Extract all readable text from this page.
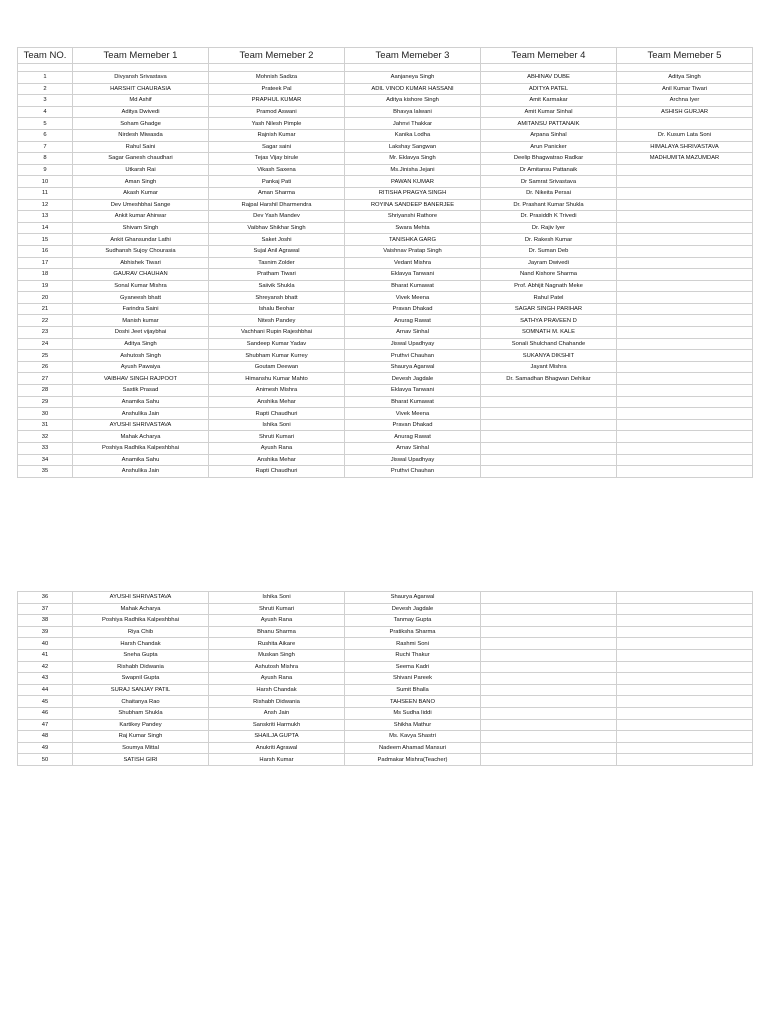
Team NO.	Team Memeber 1	Team Memeber 2	Team Memeber 3	Team Memeber 4	Team Memeber 5

1	Divyansh Srivastava	Mohnish Sadiza	Aanjaneya Singh	ABHINAV DUBE	Aditya Singh
2	HARSHIT CHAURASIA	Prateek Pal	ADIL VINOD KUMAR HASSANI	ADITYA PATEL	Anil Kumar Tiwari
3	Md Ashif	PRAPHUL KUMAR	Aditya kishore Singh	Amit Karmakar	Archna Iyer
4	Aditya Dwivedi	Pramod Aswani	Bhavya lalwani	Amit Kumar Sinhal	ASHISH GURJAR
5	Soham Ghadge	Yash Nilesh Pimple	Jahnvi Thakkar	AMITANSU PATTANAIK	
6	Nirdesh Miwasda	Rajnish Kumar	Kanika Lodha	Arpana Sinhal	Dr. Kusum Lata Soni
7	Rahul Saini	Sagar saini	Lakshay Sangwan	Arun Panicker	HIMALAYA SHRIVASTAVA
8	Sagar Ganesh chaudhari	Tejas Vijay birule	Mr. Eklavya Singh	Deelip Bhagwatrao Radkar	MADHUMITA MAZUMDAR
9	Utkarsh Rai	Vikash Saxena	Ms.Jinisha Jejani	Dr Amitansu Pattanaik	
10	Aman Singh	Pankaj Pati	PAWAN KUMAR	Dr Samrat Srivastava	
11	Akash Kumar	Aman Sharma	RITISHA PRAGYA SINGH	Dr. Nikeita Persai	
12	Dev Umeshbhai Sange	Rajpal Harshil Dharmendra	ROYINA SANDEEP BANERJEE	Dr. Prashant Kumar Shukla	
13	Ankit kumar Ahirwar	Dev Yash Mandev	Shriyanshi Rathore	Dr. Prasiddh K Trivedi	
14	Shivam Singh	Vaibhav Shikhar Singh	Swara Mehta	Dr. Rajiv Iyer	
15	Ankit Ghansundar Lathi	Saket Joshi	TANISHKA GARG	Dr. Rakesh Kumar	
16	Sudhansh Sujoy Chourasia	Sujal Anil Agrawal	Vaishnav Pratap Singh	Dr. Suman Deb	
17	Abhishek Tiwari	Tasnim Zolder	Vedant Mishra	Jayram Dwivedi	
18	GAURAV CHAUHAN	Pratham Tiwari	Eklavya Tanwani	Nand Kishore Sharma	
19	Sonal Kumar Mishra	Saiivik Shukla	Bharat Kumawat	Prof. Abhijit Nagnath Meke	
20	Gyaneesh bhatt	Shreyansh bhatt	Vivek Meena	Rahul Patel	
21	Farindra Saini	Ishalu Beohar	Pravan Dhakad	SAGAR SINGH PARIHAR	
22	Manish kumar	Nitesh Pandey	Anurag Rawat	SATHYA PRAVEEN D	
23	Doshi Jeet vijaybhai	Vachhani Rupin Rajeshbhai	Arnav Sinhal	SOMNATH M. KALE	
24	Aditya Singh	Sandeep Kumar Yadav	Jiswal Upadhyay	Sonali Shulchand Chahande	
25	Ashutosh Singh	Shubham Kumar Kurrey	Pruthvi Chauhan	SUKANYA DIKSHIT	
26	Ayush Pawaiya	Goutam Deewan	Shaurya Agarwal	Jayant Mishra	
27	VAIBHAV SINGH RAJPOOT	Himanshu Kumar Mahto	Devesh Jagdale	Dr. Samadhan Bhagwan Dehikar	
28	Sastik Prasad	Animesh Mishra	Eklavya Tanwani		
29	Anamika Sahu	Anshika Mehar	Bharat Kumawat		
30	Anshulika Jain	Rapti Chaudhuri	Vivek Meena		
31	AYUSHI SHRIVASTAVA	Ishika Soni	Pravan Dhakad		
32	Mahak Acharya	Shruti Kumari	Anurag Rawat		
33	Poshiya Radhika Kalpeshbhai	Ayush Rana	Arnav Sinhal		
34	Anamika Sahu	Anshika Mehar	Jiswal Upadhyay		
35	Anshulika Jain	Rapti Chaudhuri	Pruthvi Chauhan		
36	AYUSHI SHRIVASTAVA	Ishika Soni	Shaurya Agarwal		
37	Mahak Acharya	Shruti Kumari	Devesh Jagdale		
38	Poshiya Radhika Kalpeshbhai	Ayush Rana	Tanmay Gupta		
39	Riya Chib	Bhanu Sharma	Pratiksha Sharma		
40	Harsh Chandak	Rushita Aikare	Rashmi Soni		
41	Sneha Gupta	Muskan Singh	Ruchi Thakur		
42	Rishabh Didwania	Ashutosh Mishra	Seema Kadri		
43	Swapnil Gupta	Ayush Rana	Shivani Pareek		
44	SURAJ SANJAY PATIL	Harsh Chandak	Sumit Bhalla		
45	Chaitanya Rao	Rishabh Didwania	TAHSEEN BANO		
46	Shubham Shukla	Ansh Jain	Ms Sudha Iiddi		
47	Kartikey Pandey	Sanskriti Harmukh	Shikha Mathur		
48	Raj Kumar Singh	SHAILJA GUPTA	Ms. Kavya Shastri		
49	Soumya Mittal	Anukriti Agrawal	Nadeem Ahamad Mansuri		
50	SATISH GIRI	Harsh Kumar	Padmakar Mishra(Teacher)		
